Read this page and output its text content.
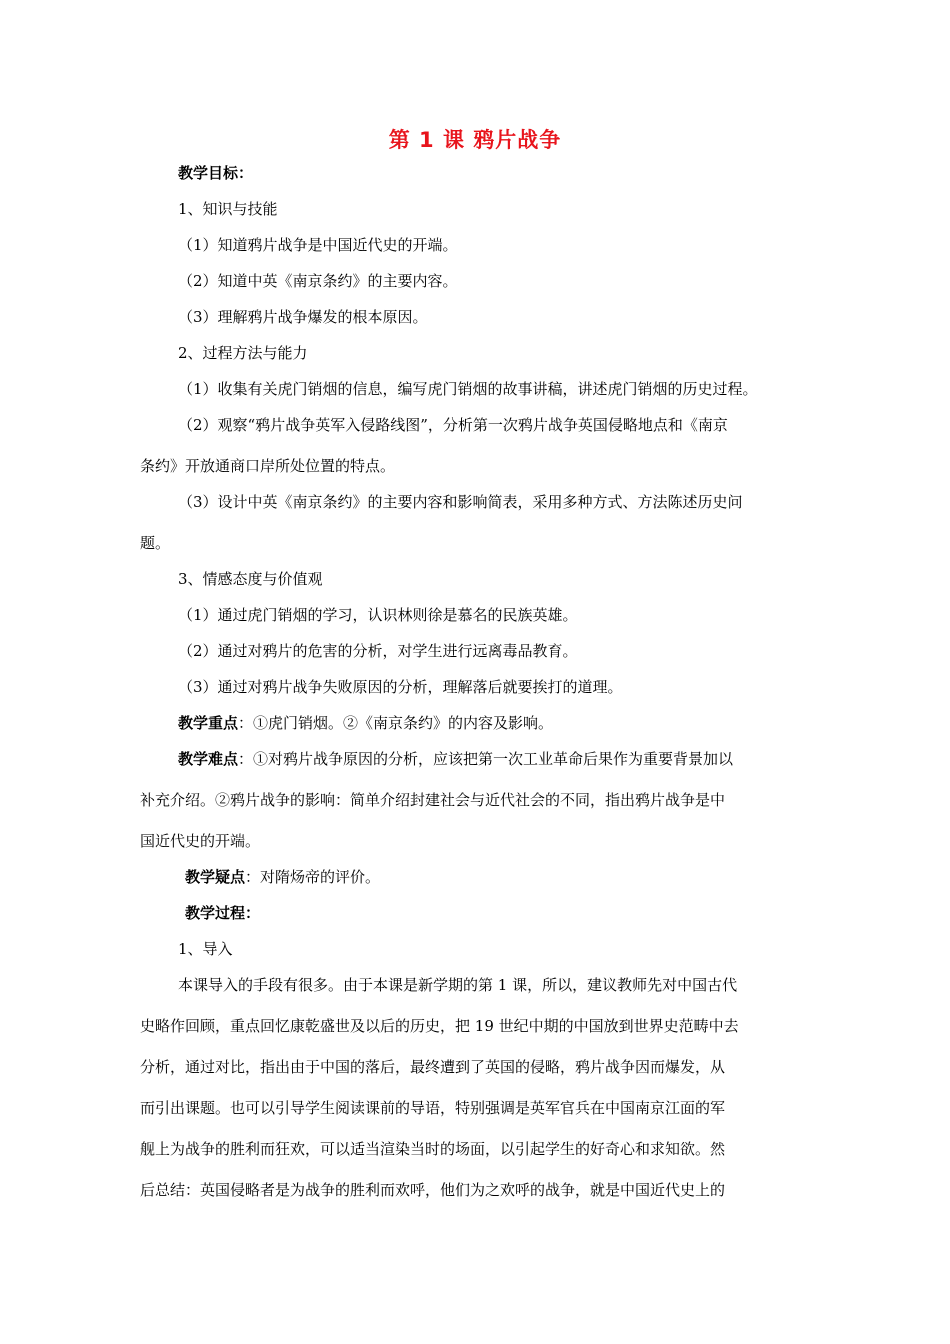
第 1 课 鸦片战争
教学目标：
1、知识与技能
（1）知道鸦片战争是中国近代史的开端。
（2）知道中英《南京条约》的主要内容。
（3）理解鸦片战争爆发的根本原因。
2、过程方法与能力
（1）收集有关虎门销烟的信息，编写虎门销烟的故事讲稿，讲述虎门销烟的历史过程。
（2）观察“鸦片战争英军入侵路线图”，分析第一次鸦片战争英国侵略地点和《南京
条约》开放通商口岸所处位置的特点。
（3）设计中英《南京条约》的主要内容和影响简表，采用多种方式、方法陈述历史问
题。
3、情感态度与价值观
（1）通过虎门销烟的学习，认识林则徐是慕名的民族英雄。
（2）通过对鸦片的危害的分析，对学生进行远离毒品教育。
（3）通过对鸦片战争失败原因的分析，理解落后就要挨打的道理。
教学重点：①虎门销烟。②《南京条约》的内容及影响。
教学难点：①对鸦片战争原因的分析，应该把第一次工业革命后果作为重要背景加以
补充介绍。②鸦片战争的影响：简单介绍封建社会与近代社会的不同，指出鸦片战争是中
国近代史的开端。
教学疑点：对隋炀帝的评价。
教学过程：
1、导入
本课导入的手段有很多。由于本课是新学期的第 1 课，所以，建议教师先对中国古代
史略作回顾，重点回忆康乾盛世及以后的历史，把 19 世纪中期的中国放到世界史范畴中去
分析，通过对比，指出由于中国的落后，最终遭到了英国的侵略，鸦片战争因而爆发，从
而引出课题。也可以引导学生阅读课前的导语，特别强调是英军官兵在中国南京江面的军
舰上为战争的胜利而狂欢，可以适当渲染当时的场面，以引起学生的好奇心和求知欲。然
后总结：英国侵略者是为战争的胜利而欢呼，他们为之欢呼的战争，就是中国近代史上的
